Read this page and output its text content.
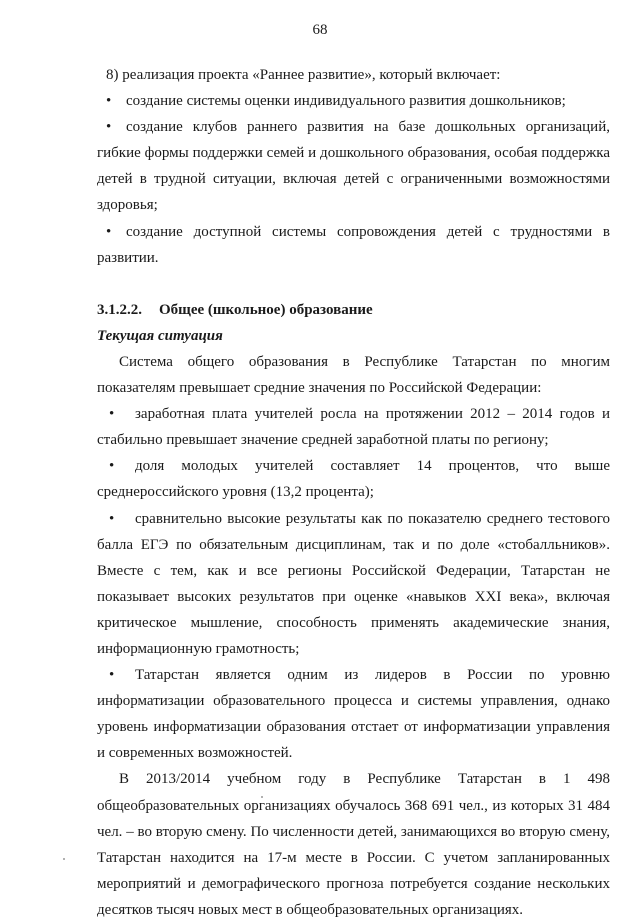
68

8) реализация проекта «Раннее развитие», который включает:

• создание системы оценки индивидуального развития дошкольников;

• создание клубов раннего развития на базе дошкольных организаций, гибкие формы поддержки семей и дошкольного образования, особая поддержка детей в трудной ситуации, включая детей с ограниченными возможностями здоровья;

• создание доступной системы сопровождения детей с трудностями в развитии.

3.1.2.2. Общее (школьное) образование

Текущая ситуация

Система общего образования в Республике Татарстан по многим показателям превышает средние значения по Российской Федерации:

• заработная плата учителей росла на протяжении 2012 – 2014 годов и стабильно превышает значение средней заработной платы по региону;

• доля молодых учителей составляет 14 процентов, что выше среднероссийского уровня (13,2 процента);

• сравнительно высокие результаты как по показателю среднего тестового балла ЕГЭ по обязательным дисциплинам, так и по доле «стобалльников». Вместе с тем, как и все регионы Российской Федерации, Татарстан не показывает высоких результатов при оценке «навыков XXI века», включая критическое мышление, способность применять академические знания, информационную грамотность;

• Татарстан является одним из лидеров в России по уровню информатизации образовательного процесса и системы управления, однако уровень информатизации образования отстает от информатизации управления и современных возможностей.

В 2013/2014 учебном году в Республике Татарстан в 1 498 общеобразовательных организациях обучалось 368 691 чел., из которых 31 484 чел. – во вторую смену. По численности детей, занимающихся во вторую смену, Татарстан находится на 17-м месте в России. С учетом запланированных мероприятий и демографического прогноза потребуется создание нескольких десятков тысяч новых мест в общеобразовательных организациях.
